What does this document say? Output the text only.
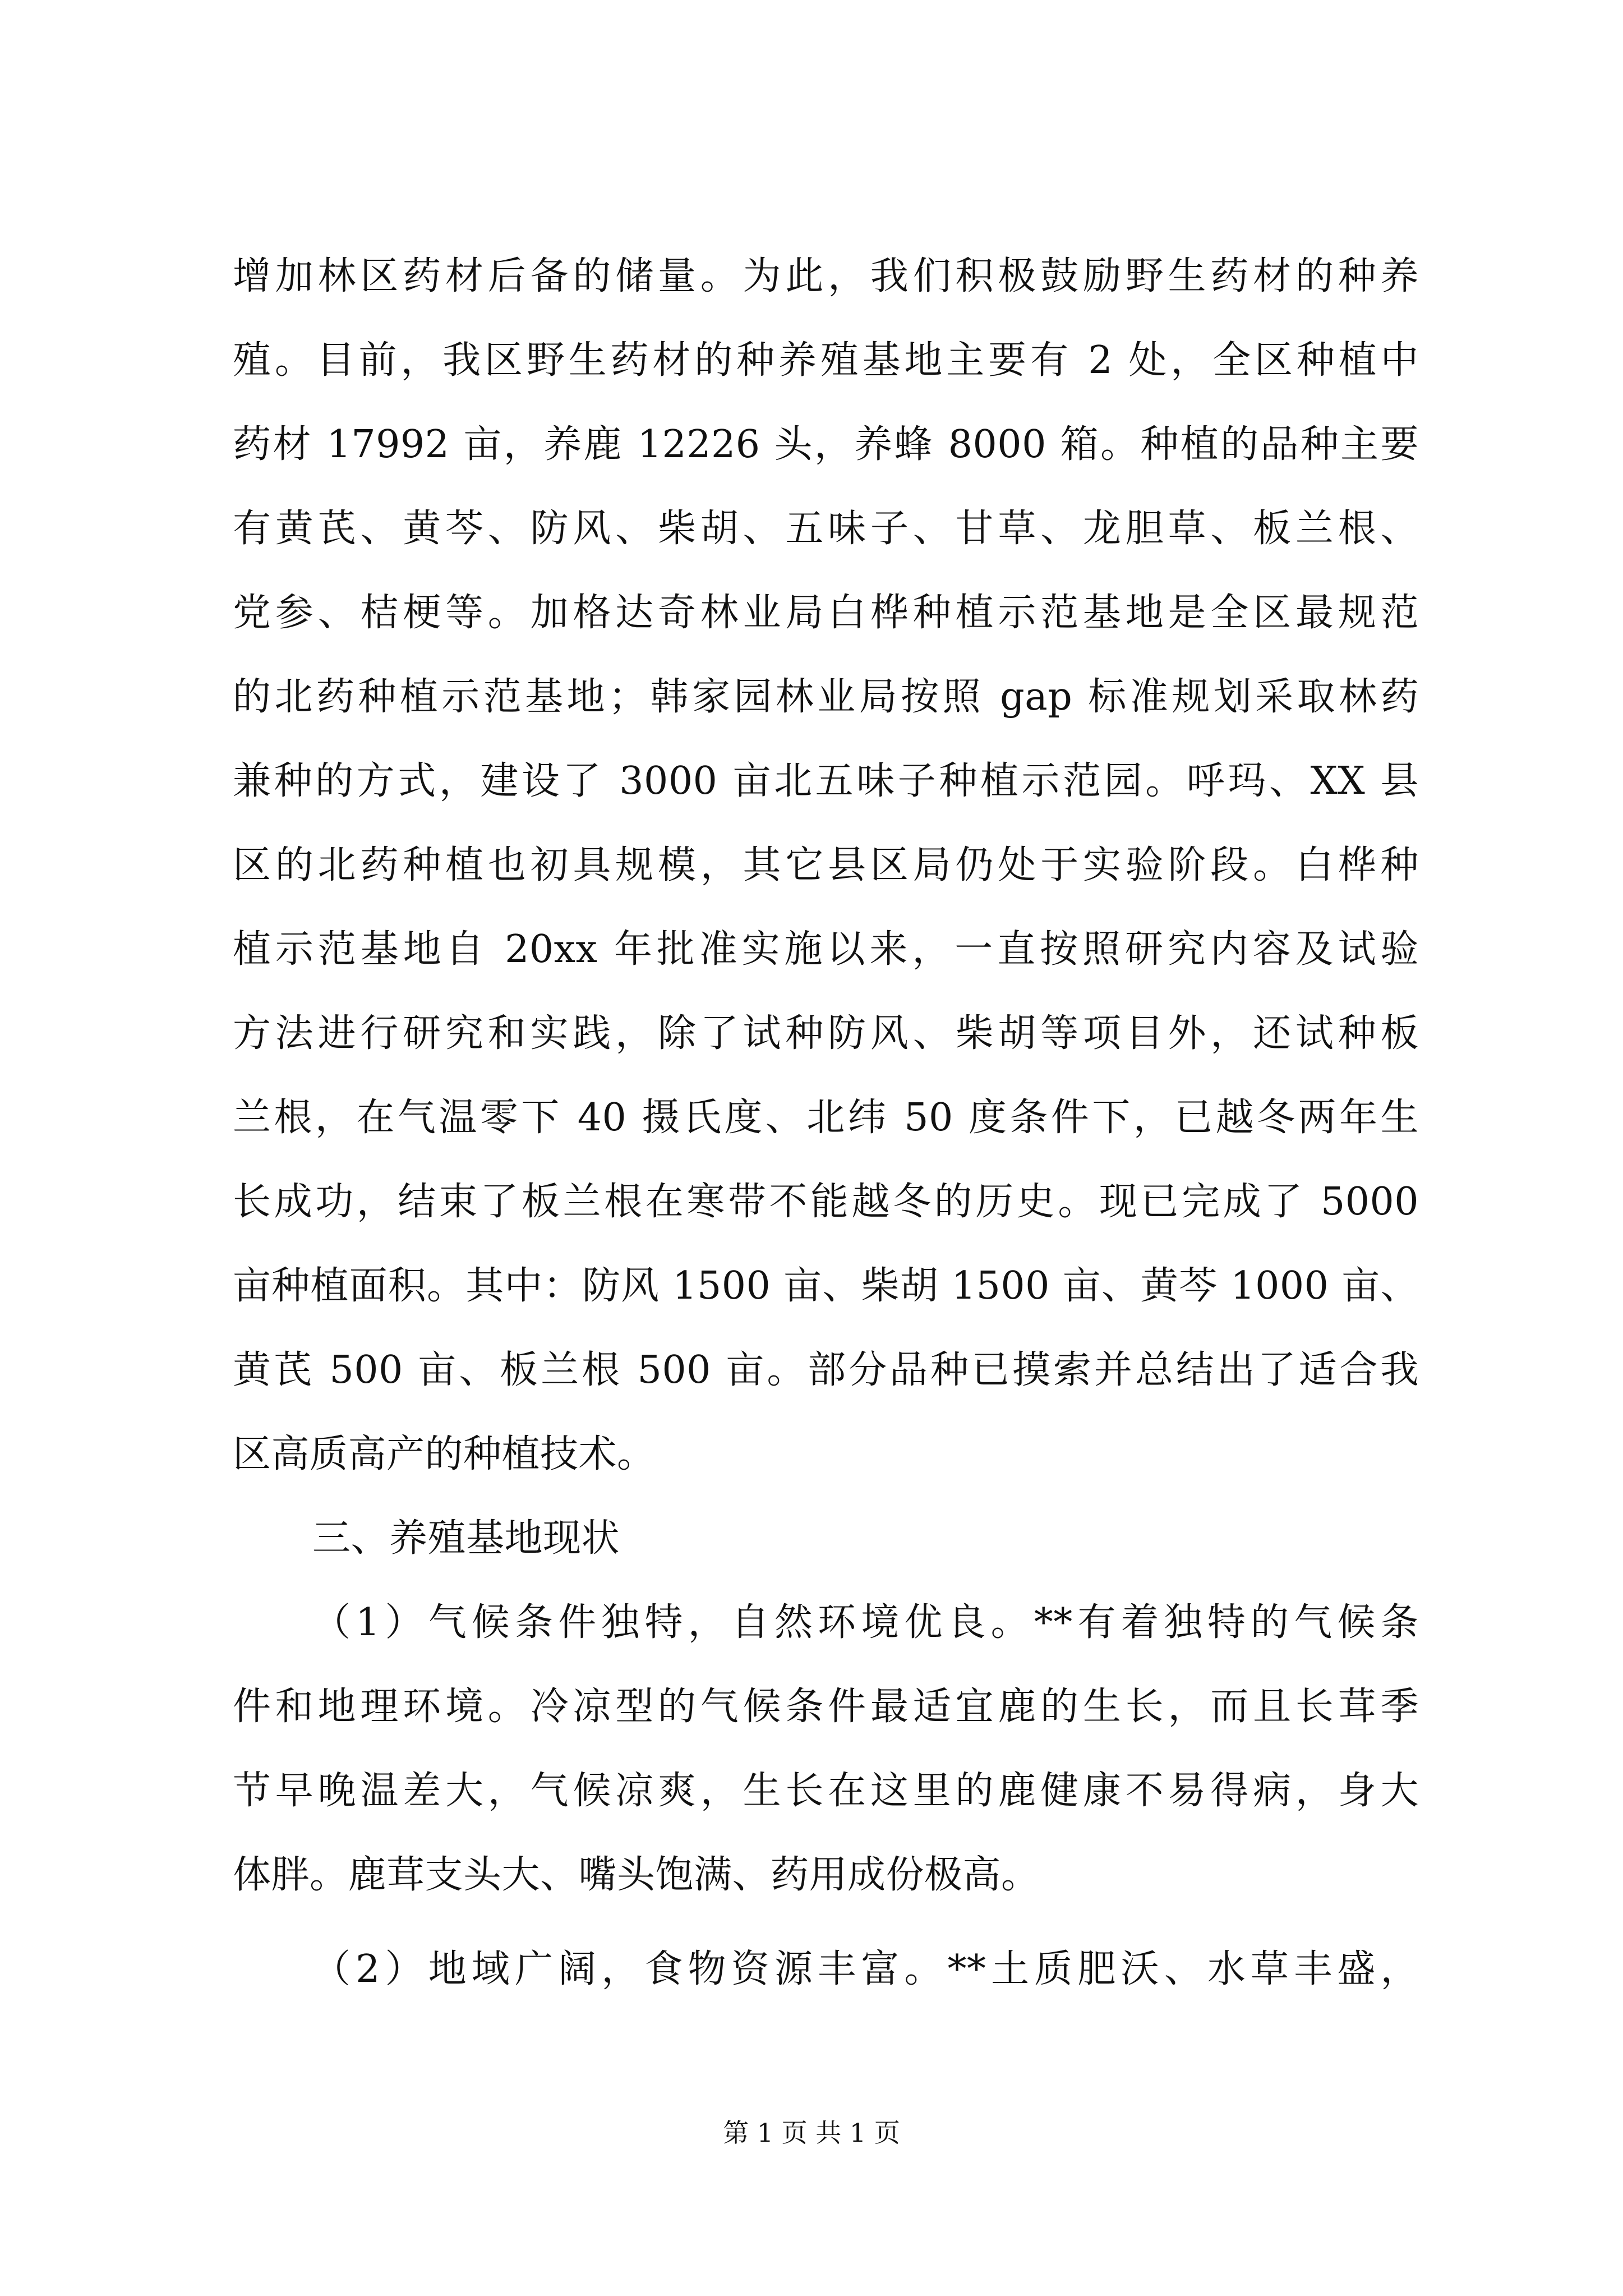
增加林区药材后备的储量。为此，我们积极鼓励野生药材的种养
殖。目前，我区野生药材的种养殖基地主要有 2 处，全区种植中
药材 17992 亩，养鹿 12226 头，养蜂 8000 箱。种植的品种主要
有黄芪、黄芩、防风、柴胡、五味子、甘草、龙胆草、板兰根、
党参、桔梗等。加格达奇林业局白桦种植示范基地是全区最规范
的北药种植示范基地；韩家园林业局按照 gap 标准规划采取林药
兼种的方式，建设了 3000 亩北五味子种植示范园。呼玛、XX 县
区的北药种植也初具规模，其它县区局仍处于实验阶段。白桦种
植示范基地自 20xx 年批准实施以来，一直按照研究内容及试验
方法进行研究和实践，除了试种防风、柴胡等项目外，还试种板
兰根，在气温零下 40 摄氏度、北纬 50 度条件下，已越冬两年生
长成功，结束了板兰根在寒带不能越冬的历史。现已完成了 5000
亩种植面积。其中：防风 1500 亩、柴胡 1500 亩、黄芩 1000 亩、
黄芪 500 亩、板兰根 500 亩。部分品种已摸索并总结出了适合我
区高质高产的种植技术。
三、养殖基地现状
（1）气候条件独特，自然环境优良。**有着独特的气候条
件和地理环境。冷凉型的气候条件最适宜鹿的生长，而且长茸季
节早晚温差大，气候凉爽，生长在这里的鹿健康不易得病，身大
体胖。鹿茸支头大、嘴头饱满、药用成份极高。
（2）地域广阔，食物资源丰富。**土质肥沃、水草丰盛，
第 1 页 共 1 页
